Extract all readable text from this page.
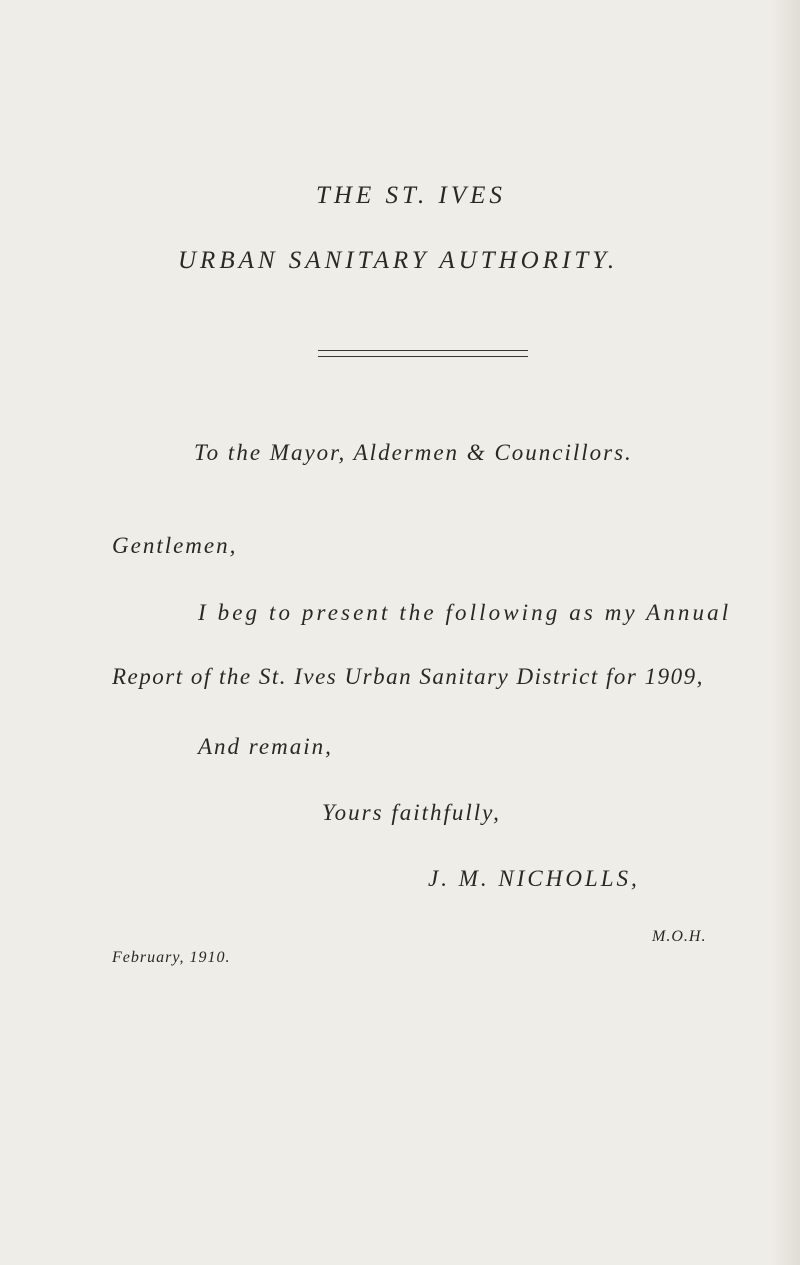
THE ST. IVES
URBAN SANITARY AUTHORITY.
To the Mayor, Aldermen & Councillors.
Gentlemen,
I beg to present the following as my Annual
Report of the St. Ives Urban Sanitary District for 1909,
And remain,
Yours faithfully,
J. M. NICHOLLS,
M.O.H.
February, 1910.
